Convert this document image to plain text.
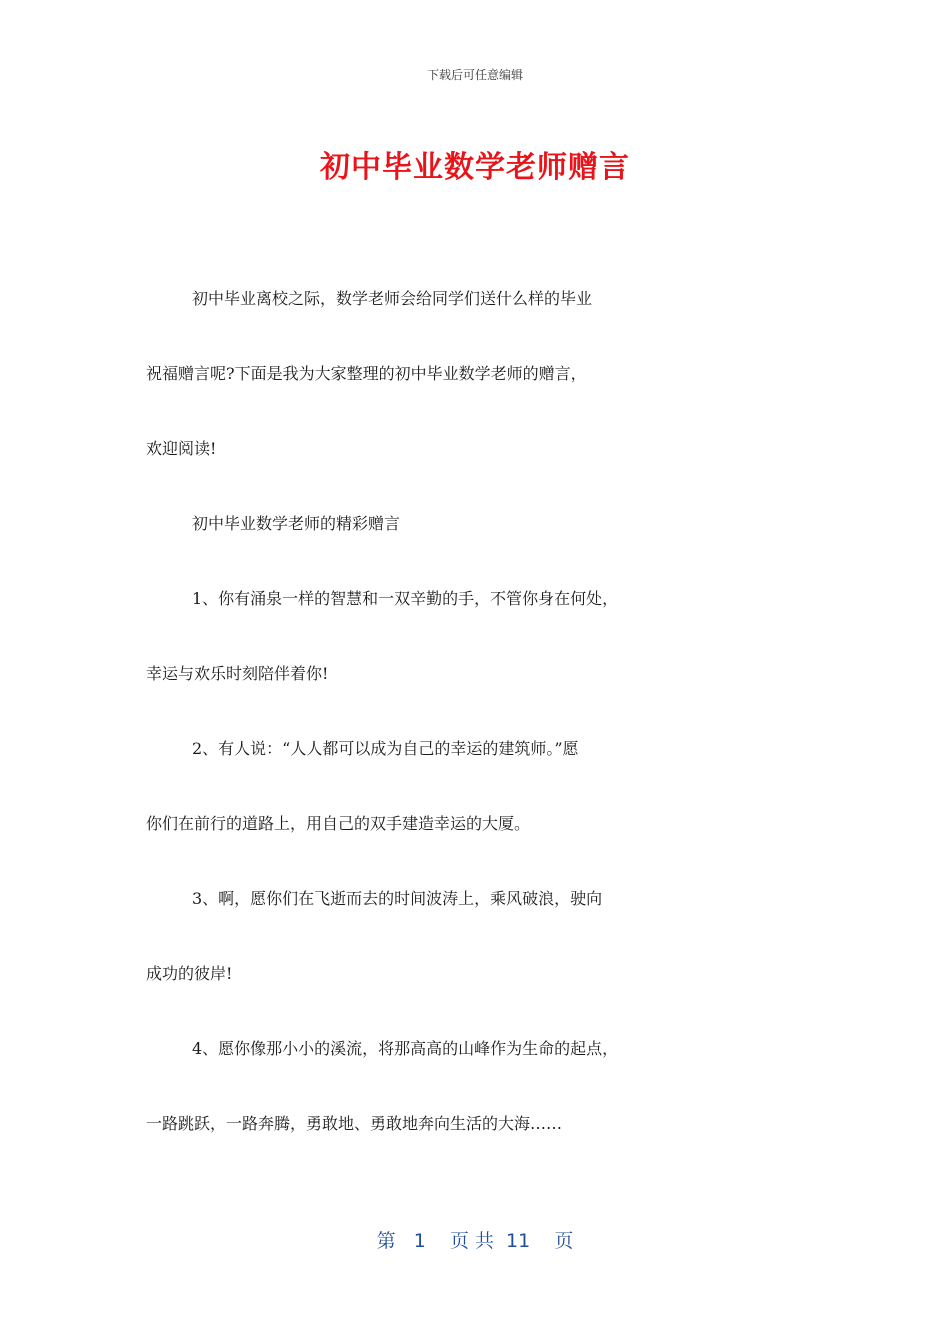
下载后可任意编辑
初中毕业数学老师赠言
初中毕业离校之际，数学老师会给同学们送什么样的毕业
祝福赠言呢?下面是我为大家整理的初中毕业数学老师的赠言，
欢迎阅读!
初中毕业数学老师的精彩赠言
1、你有涌泉一样的智慧和一双辛勤的手，不管你身在何处，
幸运与欢乐时刻陪伴着你!
2、有人说：“人人都可以成为自己的幸运的建筑师。”愿
你们在前行的道路上，用自己的双手建造幸运的大厦。
3、啊，愿你们在飞逝而去的时间波涛上，乘风破浪，驶向
成功的彼岸!
4、愿你像那小小的溪流，将那高高的山峰作为生命的起点，
一路跳跃，一路奔腾，勇敢地、勇敢地奔向生活的大海……
第   1    页 共  11    页
